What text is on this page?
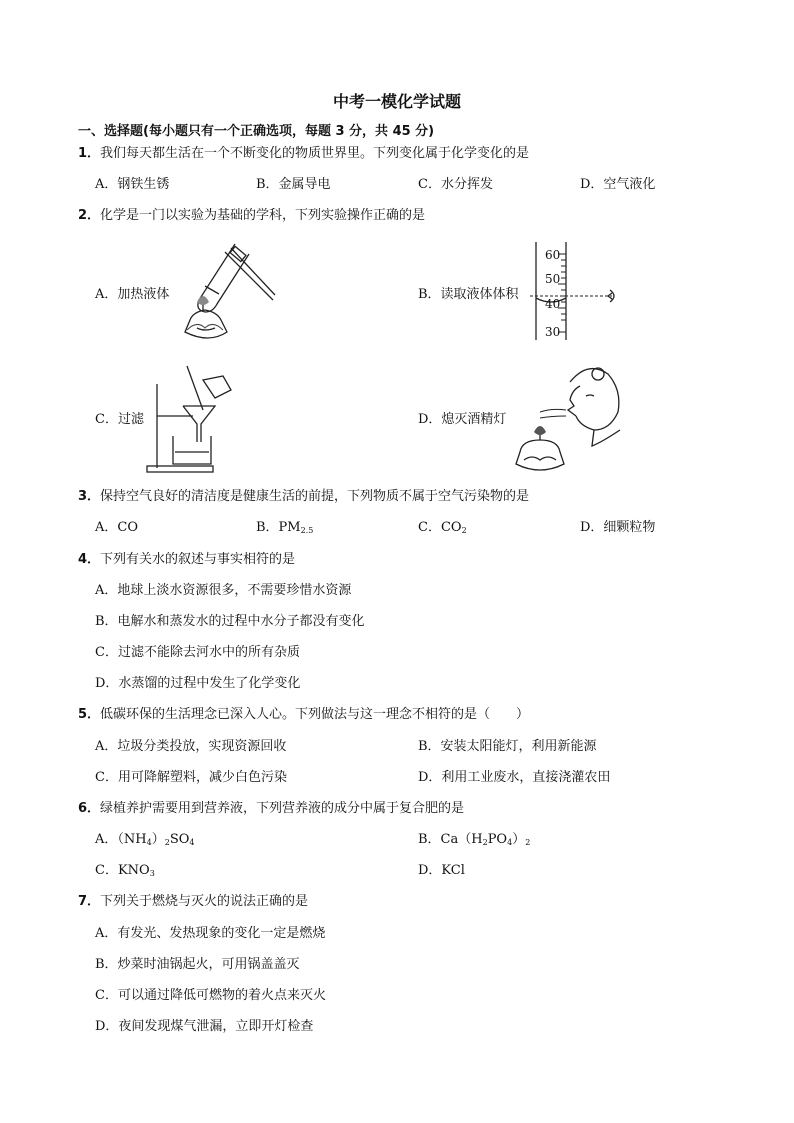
中考一模化学试题
一、选择题(每小题只有一个正确选项，每题 3 分，共 45 分)
1．我们每天都生活在一个不断变化的物质世界里。下列变化属于化学变化的是
A．钢铁生锈	B．金属导电	C．水分挥发	D．空气液化
2．化学是一门以实验为基础的学科，下列实验操作正确的是
A．加热液体	B．读取液体体积
C．过滤	D．熄灭酒精灯
60
50
40
30
3．保持空气良好的清洁度是健康生活的前提，下列物质不属于空气污染物的是
A．CO	B．$PM_{2.5}$	C．$CO_2$	D．细颗粒物
4．下列有关水的叙述与事实相符的是
A．地球上淡水资源很多，不需要珍惜水资源
B．电解水和蒸发水的过程中水分子都没有变化
C．过滤不能除去河水中的所有杂质
D．水蒸馏的过程中发生了化学变化
5．低碳环保的生活理念已深入人心。下列做法与这一理念不相符的是（　　）
A．垃圾分类投放，实现资源回收	B．安装太阳能灯，利用新能源
C．用可降解塑料，减少白色污染	D．利用工业废水，直接浇灌农田
6．绿植养护需要用到营养液，下列营养液的成分中属于复合肥的是
A．$(NH_4)_2SO_4$	B．$Ca(H_2PO_4)_2$
C．$KNO_3$	D．KCl
7．下列关于燃烧与灭火的说法正确的是
A．有发光、发热现象的变化一定是燃烧
B．炒菜时油锅起火，可用锅盖盖灭
C．可以通过降低可燃物的着火点来灭火
D．夜间发现煤气泄漏，立即开灯检查
